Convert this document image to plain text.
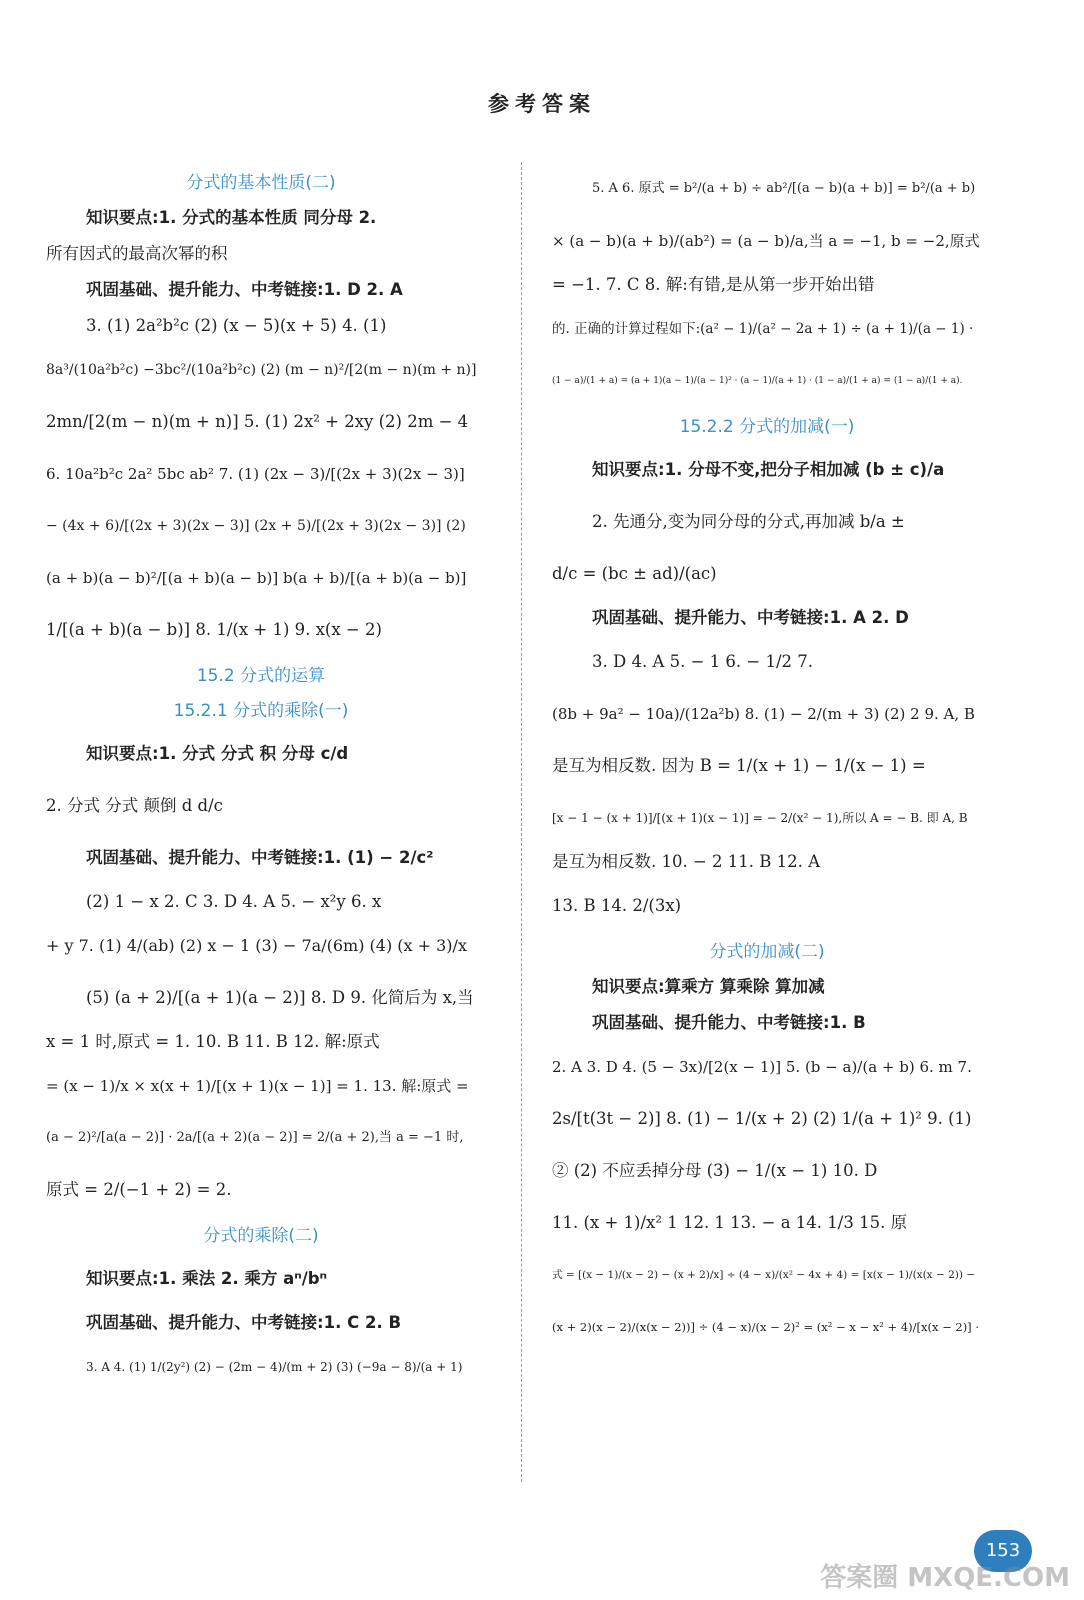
参考答案
分式的基本性质(二)
知识要点:1. 分式的基本性质 同分母 2.
所有因式的最高次幂的积
巩固基础、提升能力、中考链接:1. D 2. A
3. (1) 2a²b²c (2) (x − 5)(x + 5) 4. (1)
8a³/(10a²b²c) −3bc²/(10a²b²c) (2) (m − n)²/[2(m − n)(m + n)]
2mn/[2(m − n)(m + n)] 5. (1) 2x² + 2xy (2) 2m − 4
6. 10a²b²c 2a² 5bc ab² 7. (1) (2x − 3)/[(2x + 3)(2x − 3)]
− (4x + 6)/[(2x + 3)(2x − 3)] (2x + 5)/[(2x + 3)(2x − 3)] (2)
(a + b)(a − b)²/[(a + b)(a − b)] b(a + b)/[(a + b)(a − b)]
1/[(a + b)(a − b)] 8. 1/(x + 1) 9. x(x − 2)
15.2 分式的运算
15.2.1 分式的乘除(一)
知识要点:1. 分式 分式 积 分母 c/d
2. 分式 分式 颠倒 d d/c
巩固基础、提升能力、中考链接:1. (1) − 2/c²
(2) 1 − x 2. C 3. D 4. A 5. − x²y 6. x
+ y 7. (1) 4/(ab) (2) x − 1 (3) − 7a/(6m) (4) (x + 3)/x
(5) (a + 2)/[(a + 1)(a − 2)] 8. D 9. 化简后为 x,当
x = 1 时,原式 = 1. 10. B 11. B 12. 解:原式
= (x − 1)/x × x(x + 1)/[(x + 1)(x − 1)] = 1. 13. 解:原式 =
(a − 2)²/[a(a − 2)] · 2a/[(a + 2)(a − 2)] = 2/(a + 2),当 a = −1 时,
原式 = 2/(−1 + 2) = 2.
分式的乘除(二)
知识要点:1. 乘法 2. 乘方 aⁿ/bⁿ
巩固基础、提升能力、中考链接:1. C 2. B
3. A 4. (1) 1/(2y²) (2) − (2m − 4)/(m + 2) (3) (−9a − 8)/(a + 1)
5. A 6. 原式 = b²/(a + b) ÷ ab²/[(a − b)(a + b)] = b²/(a + b)
× (a − b)(a + b)/(ab²) = (a − b)/a,当 a = −1, b = −2,原式
= −1. 7. C 8. 解:有错,是从第一步开始出错
的. 正确的计算过程如下:(a² − 1)/(a² − 2a + 1) ÷ (a + 1)/(a − 1) ·
(1 − a)/(1 + a) = (a + 1)(a − 1)/(a − 1)² · (a − 1)/(a + 1) · (1 − a)/(1 + a) = (1 − a)/(1 + a).
15.2.2 分式的加减(一)
知识要点:1. 分母不变,把分子相加减 (b ± c)/a
2. 先通分,变为同分母的分式,再加减 b/a ±
d/c = (bc ± ad)/(ac)
巩固基础、提升能力、中考链接:1. A 2. D
3. D 4. A 5. − 1 6. − 1/2 7.
(8b + 9a² − 10a)/(12a²b) 8. (1) − 2/(m + 3) (2) 2 9. A, B
是互为相反数. 因为 B = 1/(x + 1) − 1/(x − 1) =
[x − 1 − (x + 1)]/[(x + 1)(x − 1)] = − 2/(x² − 1),所以 A = − B. 即 A, B
是互为相反数. 10. − 2 11. B 12. A
13. B 14. 2/(3x)
分式的加减(二)
知识要点:算乘方 算乘除 算加减
巩固基础、提升能力、中考链接:1. B
2. A 3. D 4. (5 − 3x)/[2(x − 1)] 5. (b − a)/(a + b) 6. m 7.
2s/[t(3t − 2)] 8. (1) − 1/(x + 2) (2) 1/(a + 1)² 9. (1)
② (2) 不应丢掉分母 (3) − 1/(x − 1) 10. D
11. (x + 1)/x² 1 12. 1 13. − a 14. 1/3 15. 原
式 = [(x − 1)/(x − 2) − (x + 2)/x] ÷ (4 − x)/(x² − 4x + 4) = [x(x − 1)/(x(x − 2)) −
(x + 2)(x − 2)/(x(x − 2))] ÷ (4 − x)/(x − 2)² = (x² − x − x² + 4)/[x(x − 2)] ·
153
答案圈 MXQE.COM
